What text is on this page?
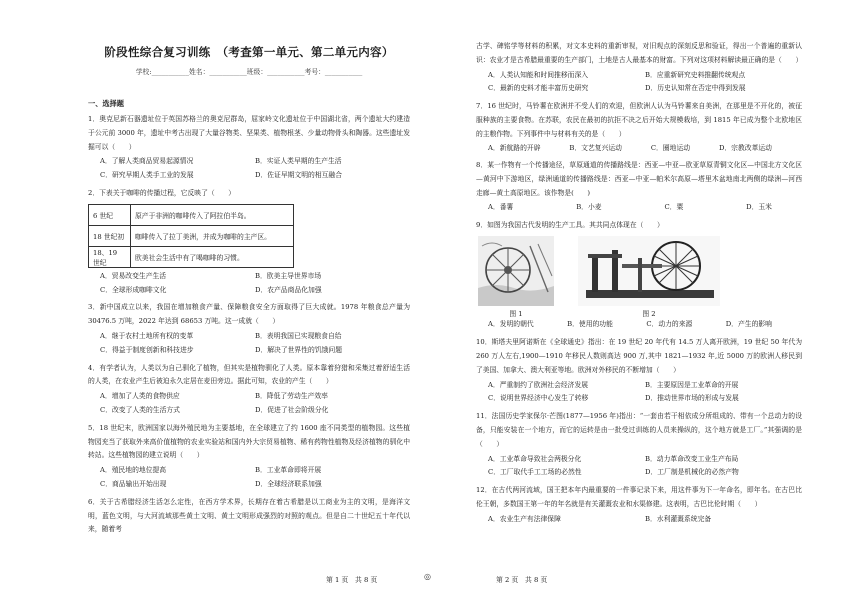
阶段性综合复习训练　（考查第一单元、第二单元内容）
学校:___________姓名：___________班级：___________考号：___________
一、选择题

1．奥克尼新石器遗址位于英国苏格兰的奥克尼群岛，屈家岭文化遗址位于中国湖北省，两个遗址大约建造于公元前 3000 年，遗址中考古出现了大量谷物类、坚果类、植物根茎、少量动物骨头和陶器。这些遗址发掘可以（　　）

A．了解人类商品贸易起源情况	B．实证人类早期的生产生活
C．研究早期人类手工业的发展	D．佐证早期文明的相互融合

2．下表关于咖啡的传播过程，它反映了（　　）

6 世纪	原产于非洲的咖啡传入了阿拉伯半岛。
18 世纪初	咖啡传入了拉丁美洲，并成为咖啡的主产区。
18、19 世纪	欧美社会生活中有了喝咖啡的习惯。
A．贸易改变生产生活	B．欧美主导世界市场
C．全球形成咖啡文化	D．农产品商品化加强

3．新中国成立以来，我国在增加粮食产量、保障粮食安全方面取得了巨大成就。1978 年粮食总产量为 30476.5 万吨，2022 年达到 68653 万吨。这一成就（　　）

A．继于农村土地所有权的变革	B．表明我国已实现粮食自给
C．得益于制度创新和科技进步	D．解决了世界性的饥饿问题

4．有学者认为，人类以为自己驯化了植物，但其实是植物驯化了人类。原本靠着狩猎和采集过着舒适生活的人类，在农业产生后被迫永久定居在麦田旁边。据此可知，农业的产生（　　）

A．增加了人类的食物供应	B．降低了劳动生产效率
C．改变了人类的生活方式	D．促进了社会阶级分化

5．18 世纪末，欧洲国家以海外殖民地为主要基地，在全球建立了约 1600 座不同类型的植物园。这些植物园充当了获取外来高价值植物的农业实验站和国内外大宗贸易植物、稀有药物性植物及经济植物的驯化中转站。这些植物园的建立说明（　　）

A．殖民地的地位提高	B．工业革命即将开展
C．商品输出开始出现	D．全球经济联系加强

6．关于古希腊经济生活怎么定性，在西方学术界，长期存在着古希腊是以工商业为主的文明，是海洋文明，蓝色文明，与大河流域那些黄土文明、黄土文明形成强烈的对照的观点。但是自二十世纪五十年代以来，随着考

第 1 页　共 8 页	◎

古学、碑铭学等材料的积累，对文本史料的重新审视，对旧观点的深刻反思和验证，得出一个普遍的重新认识：农业才是古希腊最重要的生产部门，土地是古人最基本的财富。下列对这项材料解读最正确的是（　　）

A．人类认知能和时间推移而深入	B．应重新研究史料推翻传统观点
C．最新的史料才能丰富历史研究	D．历史认知常在否定中得到发展

7．16 世纪时，马铃薯在欧洲并不受人们的欢迎，但欧洲人认为马铃薯来自美洲，在那里是不开化的，被征服种族的主要食物。在苏联，农民在最初的抗拒不决之后开始大规模栽培，到 1815 年已成为整个北欧地区的主粮作物。下列事件中与材料有关的是（　　）

A．新航路的开辟	B．文艺复兴运动	C．圈地运动	D．宗教改革运动

8．某一作物有一个传播途径，草原通道的传播路线是：西亚—中亚—欧亚草原青铜文化区—中国北方文化区—黄河中下游地区，绿洲通道的传播路线是：西亚—中亚—帕米尔高原—塔里木盆地南北两侧的绿洲—河西走廊—黄土高原地区。该作物是(　　)

A．番薯	B．小麦	C．粟	D．玉米

9．如图为我国古代发明的生产工具。其共同点体现在（　　）

图 1	图 2
A．发明的朝代	B．使用的功能	C．动力的来源	D．产生的影响

10．斯塔夫里阿诺斯在《全球通史》指出：在 19 世纪 20 年代有 14.5 万人离开欧洲，19 世纪 50 年代为 260 万人左右,1900—1910 年移民人数则高达 900 万,其中 1821—1932 年,近 5000 万的欧洲人移民到了美国、加拿大、澳大利亚等地。欧洲对外移民的不断增加（　　）

A．严重制约了欧洲社会经济发展	B．主要原因是工业革命的开展
C．说明世界经济中心发生了转移	D．推动世界市场的形成与发展

11．法国历史学家保尔·芒图(1877—1956 年)指出：“一套由若干相依成分所组成的、带有一个总动力的设备，只能安装在一个地方，而它的运转是由一批受过训练的人员来操纵的，这个地方就是工厂。”其强调的是（　　）

A．工业革命导致社会两极分化	B．动力革命改变工业生产布局
C．工厂取代手工工场的必然性	D．工厂制是机械化的必然产物

12．在古代两河流域，国王把本年内最重要的一件事记录下来，用这件事为下一年命名，即年名。在古巴比伦王朝，多数国王第一年的年名就是有关灌溉农业和水渠修建。这表明，古巴比伦时期（　　）

A．农业生产有法律保障	B．水利灌溉系统完备
第 2 页　共 8 页
